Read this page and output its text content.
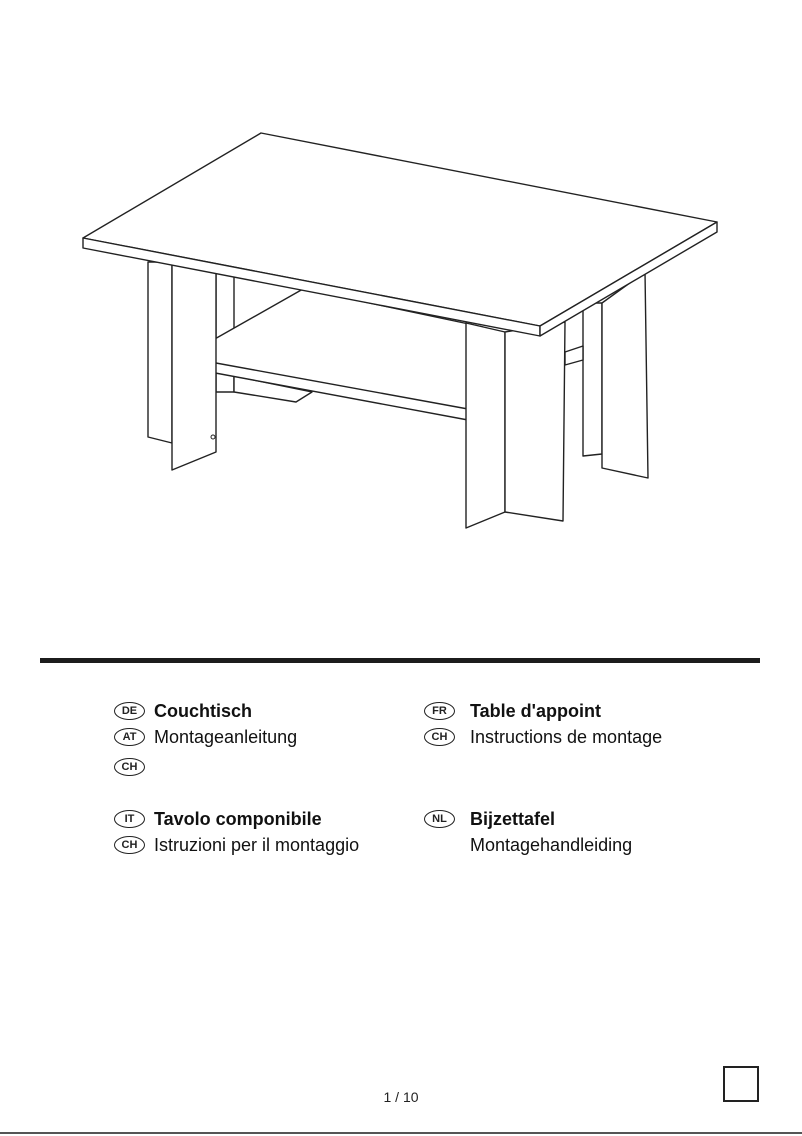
DE Couchtisch
AT Montageanleitung
CH
FR	Table d'appoint
CH	Instructions de montage
IT	Tavolo componibile
CH Istruzioni per il montaggio
NL	Bijzettafel
Montagehandleiding
1 / 10
